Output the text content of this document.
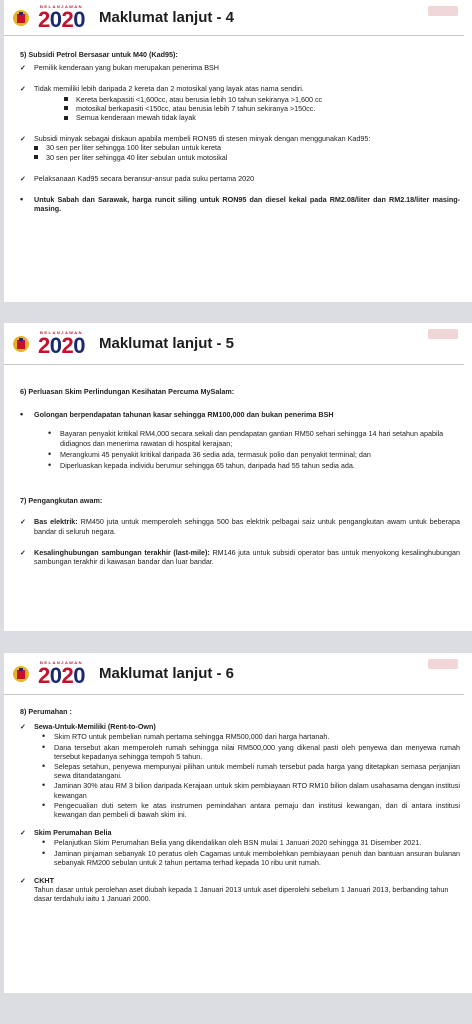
BELANJAWAN
2020 Maklumat lanjut - 4
5) Subsidi Petrol Bersasar untuk M40 (Kad95):
✓	Pemilik kenderaan yang bukan merupakan penerima BSH
✓	Tidak memiliki lebih daripada 2 kereta dan 2 motosikal yang layak atas nama sendiri.
Kereta berkapasiti <1,600cc, atau berusia lebih 10 tahun sekiranya >1,600 cc
motosikal berkapasiti <150cc, atau berusia lebih 7 tahun sekiranya >150cc.
Semua kenderaan mewah tidak layak
✓	Subsidi minyak sebagai diskaun apabila membeli RON95 di stesen minyak dengan menggunakan Kad95:
30 sen per liter sehingga 100 liter sebulan untuk kereta
30 sen per liter sehingga 40 liter sebulan untuk motosikal
✓	Pelaksanaan Kad95 secara beransur-ansur pada suku pertama 2020
•	Untuk Sabah dan Sarawak, harga runcit siling untuk RON95 dan diesel kekal pada RM2.08/liter dan RM2.18/liter masing-masing.
BELANJAWAN
2020 Maklumat lanjut - 5
6) Perluasan Skim Perlindungan Kesihatan Percuma MySalam:
•	Golongan berpendapatan tahunan kasar sehingga RM100,000 dan bukan penerima BSH
•	Bayaran penyakit kritikal RM4,000 secara sekali dan pendapatan gantian RM50 sehari sehingga 14 hari setahun apabila didiagnos dan menerima rawatan di hospital kerajaan;
•	Merangkumi 45 penyakit kritikal daripada 36 sedia ada, termasuk polio dan penyakit terminal; dan
•	Diperluaskan kepada individu berumur sehingga 65 tahun, daripada had 55 tahun sedia ada.
7) Pengangkutan awam:
✓	Bas elektrik: RM450 juta untuk memperoleh sehingga 500 bas elektrik pelbagai saiz untuk pengangkutan awam untuk beberapa bandar di seluruh negara.
✓	Kesalinghubungan sambungan terakhir (last-mile): RM146 juta untuk subsidi operator bas untuk menyokong kesalinghubungan sambungan terakhir di kawasan bandar dan luar bandar.
BELANJAWAN
2020 Maklumat lanjut - 6
8) Perumahan :
✓	Sewa-Untuk-Memiliki (Rent-to-Own)
•	Skim RTO untuk pembelian rumah pertama sehingga RM500,000 dari harga hartanah.
•	Dana tersebut akan memperoleh rumah sehingga nilai RM500,000 yang dikenal pasti oleh penyewa dan menyewa rumah tersebut kepadanya sehingga tempoh 5 tahun.
•	Selepas setahun, penyewa mempunyai pilihan untuk membeli rumah tersebut pada harga yang ditetapkan semasa perjanjian sewa ditandatangani.
•	Jaminan 30% atau RM 3 bilion daripada Kerajaan untuk skim pembiayaan RTO RM10 bilion dalam usahasama dengan institusi kewangan
•	Pengecualian duti setem ke atas instrumen pemindahan antara pemaju dan institusi kewangan, dan di antara institusi kewangan dan pembeli di bawah skim ini.
✓	Skim Perumahan Belia
•	Pelanjutkan Skim Perumahan Belia yang dikendalikan oleh BSN mulai 1 Januari 2020 sehingga 31 Disember 2021.
•	Jaminan pinjaman sebanyak 10 peratus oleh Cagamas untuk membolehkan pembiayaan penuh dan bantuan ansuran bulanan sebanyak RM200 sebulan untuk 2 tahun pertama terhad kepada 10 ribu unit rumah.
✓	CKHT
Tahun dasar untuk perolehan aset diubah kepada 1 Januari 2013 untuk aset diperolehi sebelum 1 Januari 2013, berbanding tahun dasar terdahulu iaitu 1 Januari 2000.
